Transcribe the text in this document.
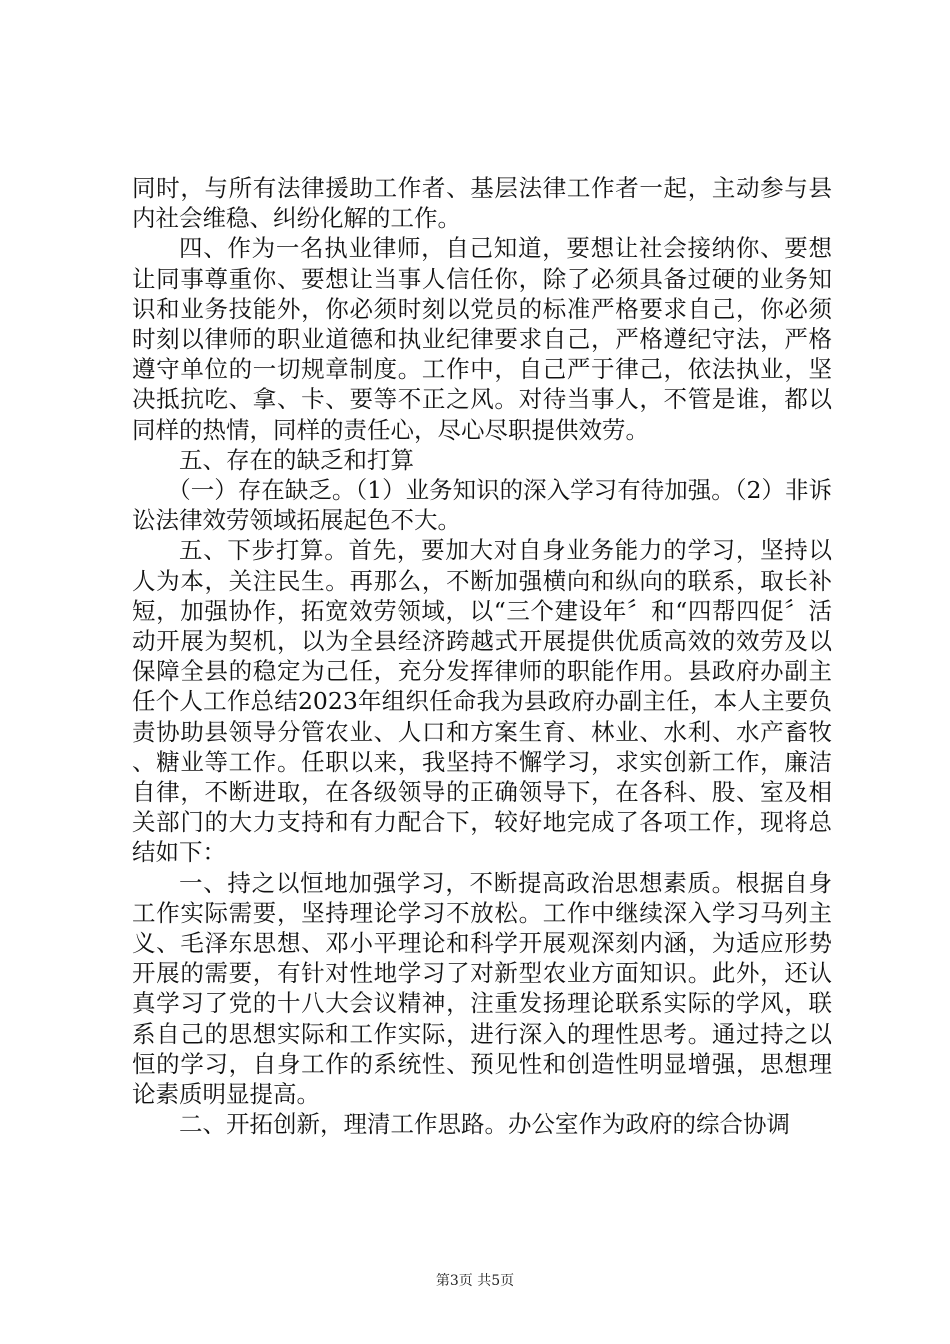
同时，与所有法律援助工作者、基层法律工作者一起，主动参与县内社会维稳、纠纷化解的工作。

四、作为一名执业律师，自己知道，要想让社会接纳你、要想让同事尊重你、要想让当事人信任你，除了必须具备过硬的业务知识和业务技能外，你必须时刻以党员的标准严格要求自己，你必须时刻以律师的职业道德和执业纪律要求自己，严格遵纪守法，严格遵守单位的一切规章制度。工作中，自己严于律己，依法执业，坚决抵抗吃、拿、卡、要等不正之风。对待当事人，不管是谁，都以同样的热情，同样的责任心，尽心尽职提供效劳。

五、存在的缺乏和打算

（一）存在缺乏。（1）业务知识的深入学习有待加强。（2）非诉讼法律效劳领域拓展起色不大。

五、下步打算。首先，要加大对自身业务能力的学习，坚持以人为本，关注民生。再那么，不断加强横向和纵向的联系，取长补短，加强协作，拓宽效劳领域，以“三个建设年〞和“四帮四促〞活动开展为契机，以为全县经济跨越式开展提供优质高效的效劳及以保障全县的稳定为己任，充分发挥律师的职能作用。县政府办副主任个人工作总结2023年组织任命我为县政府办副主任，本人主要负责协助县领导分管农业、人口和方案生育、林业、水利、水产畜牧、糖业等工作。任职以来，我坚持不懈学习，求实创新工作，廉洁自律，不断进取，在各级领导的正确领导下，在各科、股、室及相关部门的大力支持和有力配合下，较好地完成了各项工作，现将总结如下：

一、持之以恒地加强学习，不断提高政治思想素质。根据自身工作实际需要，坚持理论学习不放松。工作中继续深入学习马列主义、毛泽东思想、邓小平理论和科学开展观深刻内涵，为适应形势开展的需要，有针对性地学习了对新型农业方面知识。此外，还认真学习了党的十八大会议精神，注重发扬理论联系实际的学风，联系自己的思想实际和工作实际，进行深入的理性思考。通过持之以恒的学习，自身工作的系统性、预见性和创造性明显增强，思想理论素质明显提高。

二、开拓创新，理清工作思路。办公室作为政府的综合协调

第3页 共5页
